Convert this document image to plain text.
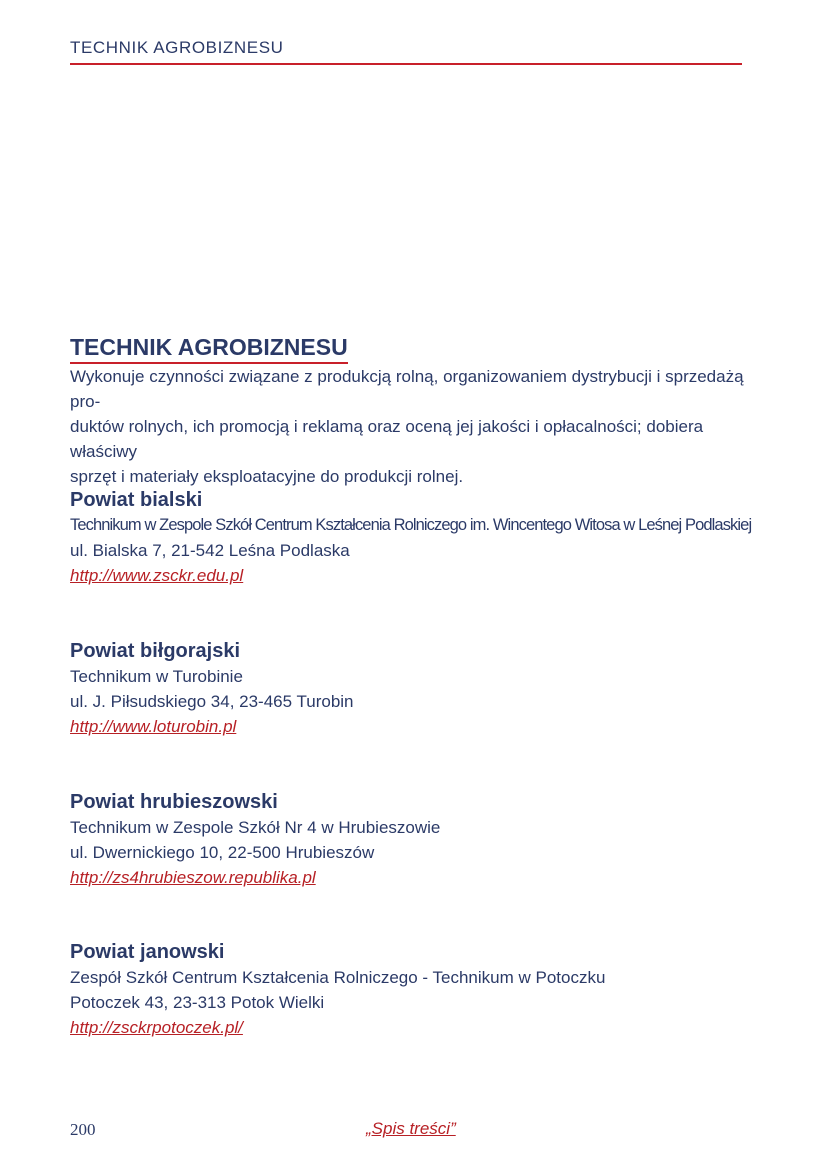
TECHNIK AGROBIZNESU
TECHNIK AGROBIZNESU
Wykonuje czynności związane z produkcją rolną, organizowaniem dystrybucji i sprzedażą pro-
duktów rolnych, ich promocją i reklamą oraz oceną jej jakości i opłacalności; dobiera właściwy
sprzęt i materiały eksploatacyjne do produkcji rolnej.
Powiat bialski
Technikum w Zespole Szkół Centrum Kształcenia Rolniczego im. Wincentego Witosa w Leśnej Podlaskiej
ul. Bialska 7, 21-542 Leśna Podlaska
http://www.zsckr.edu.pl
Powiat biłgorajski
Technikum w Turobinie
ul. J. Piłsudskiego 34, 23-465 Turobin
http://www.loturobin.pl
Powiat hrubieszowski
Technikum w Zespole Szkół Nr 4 w Hrubieszowie
ul. Dwernickiego 10, 22-500 Hrubieszów
http://zs4hrubieszow.republika.pl
Powiat janowski
Zespół Szkół Centrum Kształcenia Rolniczego - Technikum w Potoczku
Potoczek 43, 23-313 Potok Wielki
http://zsckrpotoczek.pl/
200	„Spis treści”
